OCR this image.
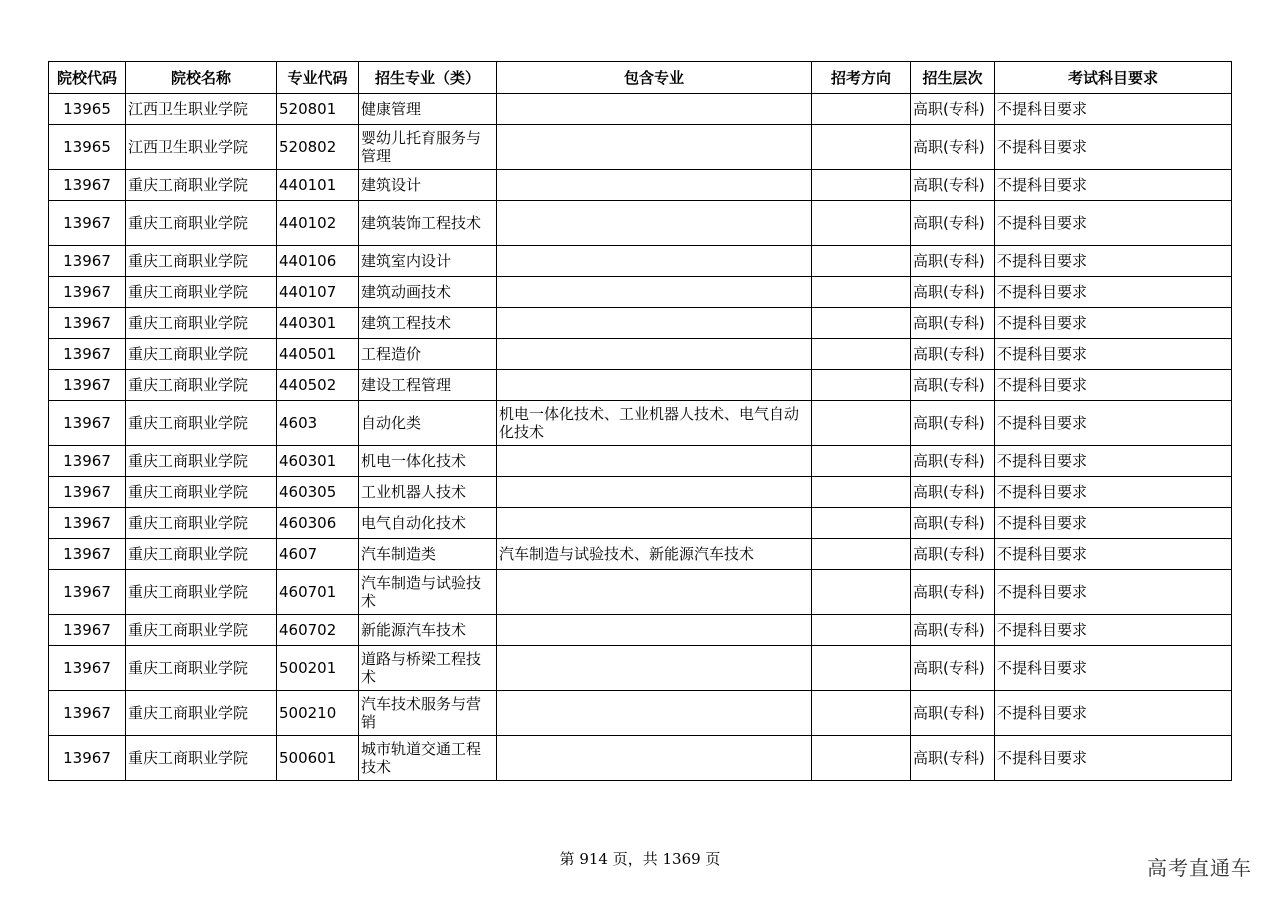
院校代码	院校名称	专业代码	招生专业（类）	包含专业	招考方向	招生层次	考试科目要求
13965	江西卫生职业学院	520801	健康管理			高职(专科)	不提科目要求
13965	江西卫生职业学院	520802	婴幼儿托育服务与管理			高职(专科)	不提科目要求
13967	重庆工商职业学院	440101	建筑设计			高职(专科)	不提科目要求
13967	重庆工商职业学院	440102	建筑装饰工程技术			高职(专科)	不提科目要求
13967	重庆工商职业学院	440106	建筑室内设计			高职(专科)	不提科目要求
13967	重庆工商职业学院	440107	建筑动画技术			高职(专科)	不提科目要求
13967	重庆工商职业学院	440301	建筑工程技术			高职(专科)	不提科目要求
13967	重庆工商职业学院	440501	工程造价			高职(专科)	不提科目要求
13967	重庆工商职业学院	440502	建设工程管理			高职(专科)	不提科目要求
13967	重庆工商职业学院	4603	自动化类	机电一体化技术、工业机器人技术、电气自动化技术		高职(专科)	不提科目要求
13967	重庆工商职业学院	460301	机电一体化技术			高职(专科)	不提科目要求
13967	重庆工商职业学院	460305	工业机器人技术			高职(专科)	不提科目要求
13967	重庆工商职业学院	460306	电气自动化技术			高职(专科)	不提科目要求
13967	重庆工商职业学院	4607	汽车制造类	汽车制造与试验技术、新能源汽车技术		高职(专科)	不提科目要求
13967	重庆工商职业学院	460701	汽车制造与试验技术			高职(专科)	不提科目要求
13967	重庆工商职业学院	460702	新能源汽车技术			高职(专科)	不提科目要求
13967	重庆工商职业学院	500201	道路与桥梁工程技术			高职(专科)	不提科目要求
13967	重庆工商职业学院	500210	汽车技术服务与营销			高职(专科)	不提科目要求
13967	重庆工商职业学院	500601	城市轨道交通工程技术			高职(专科)	不提科目要求
第 914 页，共 1369 页	高考直通车
